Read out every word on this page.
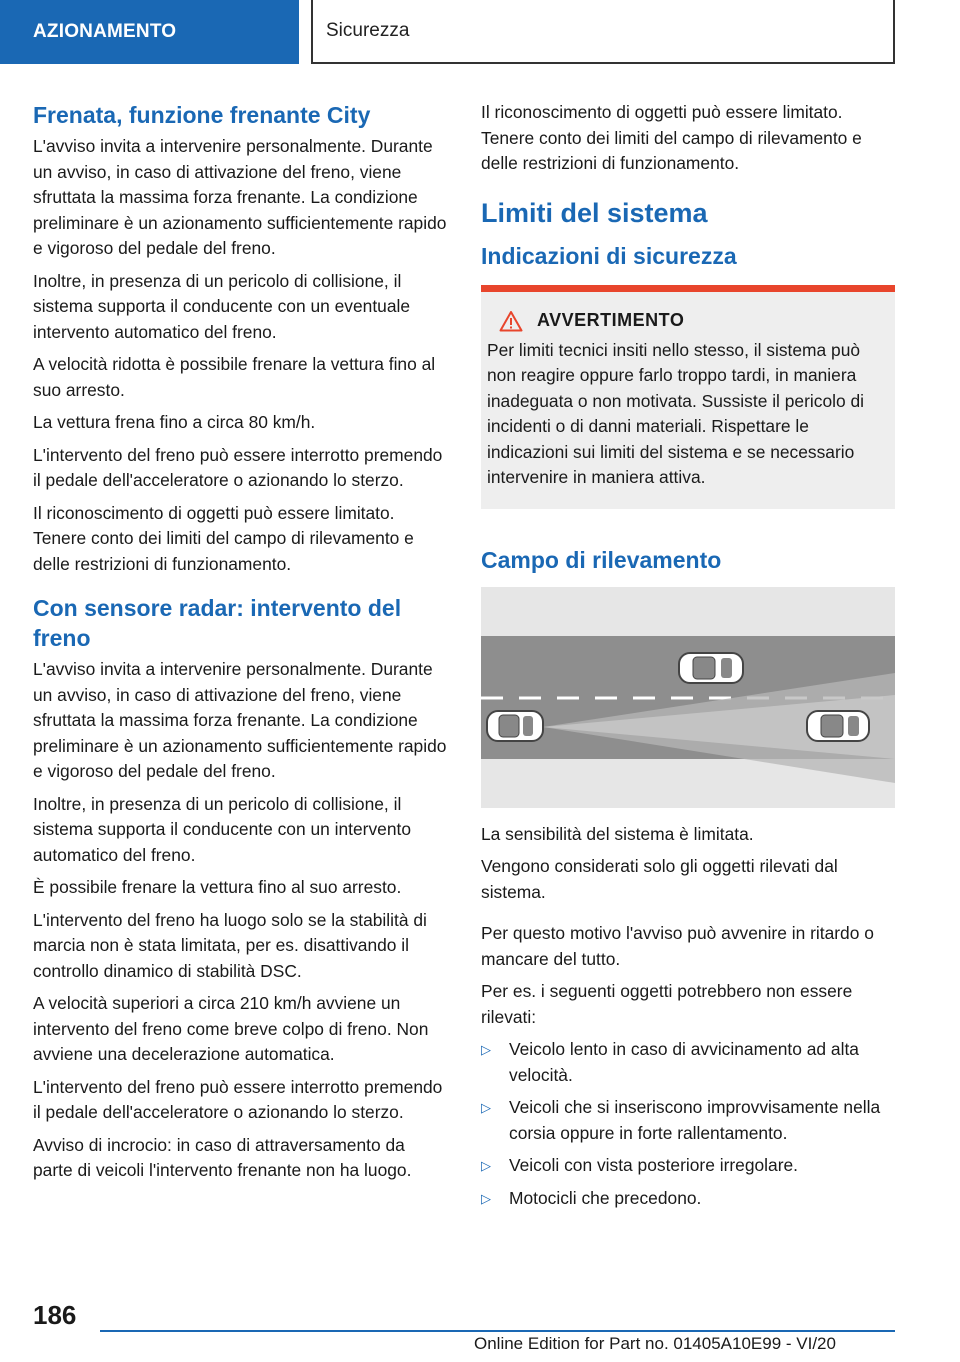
AZIONAMENTO	Sicurezza
Frenata, funzione frenante City

L'avviso invita a intervenire personalmente. Durante un avviso, in caso di attivazione del freno, viene sfruttata la massima forza frenante. La condizione preliminare è un azionamento sufficientemente rapido e vigoroso del pedale del freno.

Inoltre, in presenza di un pericolo di collisione, il sistema supporta il conducente con un eventuale intervento automatico del freno.

A velocità ridotta è possibile frenare la vettura fino al suo arresto.

La vettura frena fino a circa 80 km/h.

L'intervento del freno può essere interrotto premendo il pedale dell'acceleratore o azionando lo sterzo.

Il riconoscimento di oggetti può essere limitato. Tenere conto dei limiti del campo di rilevamento e delle restrizioni di funzionamento.

Con sensore radar: intervento del freno

L'avviso invita a intervenire personalmente. Durante un avviso, in caso di attivazione del freno, viene sfruttata la massima forza frenante. La condizione preliminare è un azionamento sufficientemente rapido e vigoroso del pedale del freno.

Inoltre, in presenza di un pericolo di collisione, il sistema supporta il conducente con un intervento automatico del freno.

È possibile frenare la vettura fino al suo arresto.

L'intervento del freno ha luogo solo se la stabilità di marcia non è stata limitata, per es. disattivando il controllo dinamico di stabilità DSC.

A velocità superiori a circa 210 km/h avviene un intervento del freno come breve colpo di freno. Non avviene una decelerazione automatica.

L'intervento del freno può essere interrotto premendo il pedale dell'acceleratore o azionando lo sterzo.

Avviso di incrocio: in caso di attraversamento da parte di veicoli l'intervento frenante non ha luogo.

Il riconoscimento di oggetti può essere limitato. Tenere conto dei limiti del campo di rilevamento e delle restrizioni di funzionamento.

Limiti del sistema
Indicazioni di sicurezza
AVVERTIMENTO

Per limiti tecnici insiti nello stesso, il sistema può non reagire oppure farlo troppo tardi, in maniera inadeguata o non motivata. Sussiste il pericolo di incidenti o di danni materiali. Rispettare le indicazioni sui limiti del sistema e se necessario intervenire in maniera attiva.

Campo di rilevamento

La sensibilità del sistema è limitata.

Vengono considerati solo gli oggetti rilevati dal sistema.

Per questo motivo l'avviso può avvenire in ritardo o mancare del tutto.

Per es. i seguenti oggetti potrebbero non essere rilevati:

▷	Veicolo lento in caso di avvicinamento ad alta velocità.
▷	Veicoli che si inseriscono improvvisamente nella corsia oppure in forte rallentamento.
▷	Veicoli con vista posteriore irregolare.
▷	Motocicli che precedono.
186
Online Edition for Part no. 01405A10E99 - VI/20
